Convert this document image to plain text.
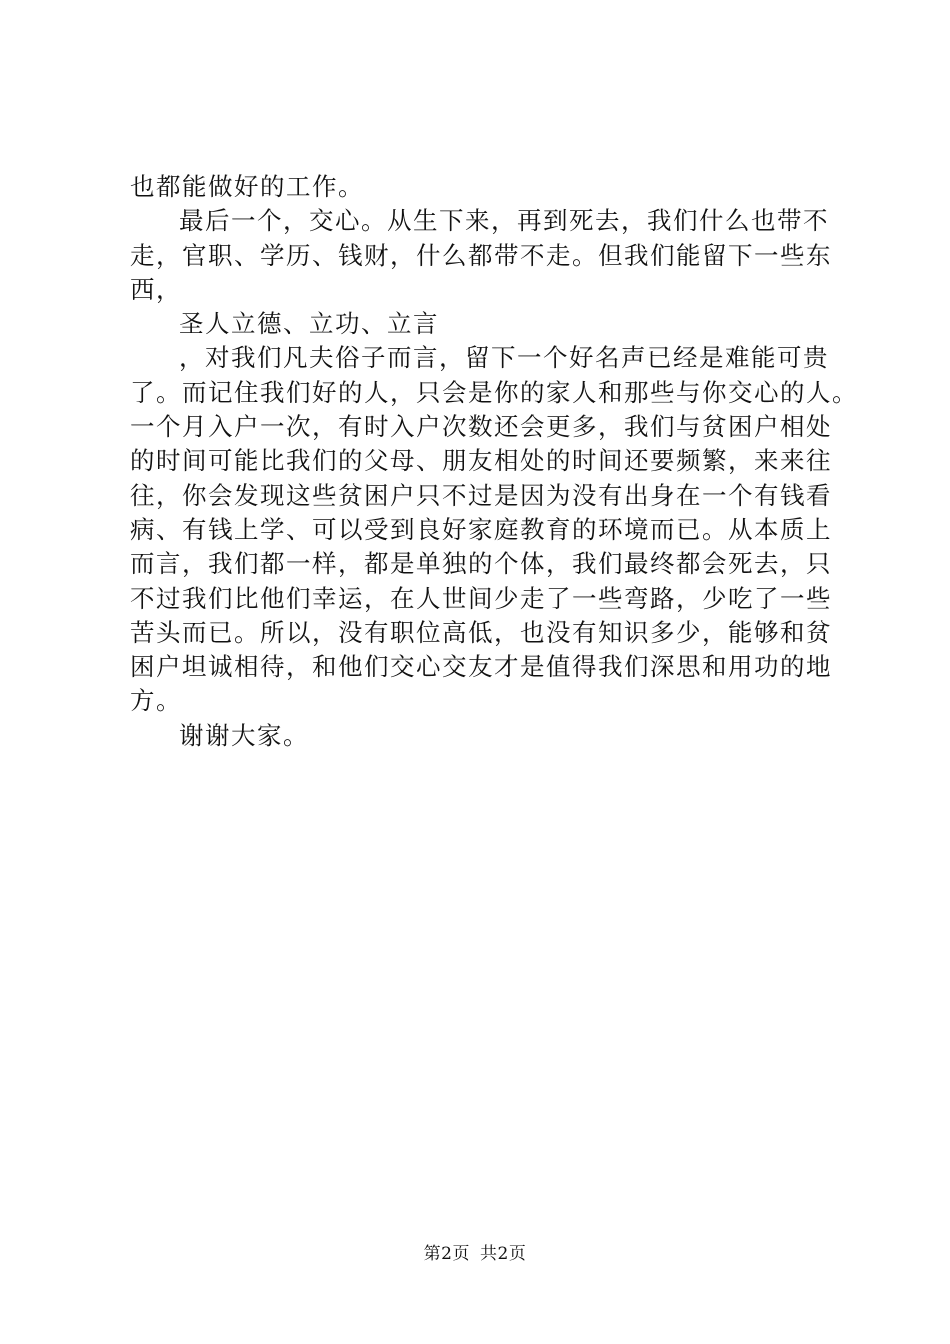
也都能做好的工作。
最后一个，交心。从生下来，再到死去，我们什么也带不
走，官职、学历、钱财，什么都带不走。但我们能留下一些东
西，
圣人立德、立功、立言
，对我们凡夫俗子而言，留下一个好名声已经是难能可贵
了。而记住我们好的人，只会是你的家人和那些与你交心的人。
一个月入户一次，有时入户次数还会更多，我们与贫困户相处
的时间可能比我们的父母、朋友相处的时间还要频繁，来来往
往，你会发现这些贫困户只不过是因为没有出身在一个有钱看
病、有钱上学、可以受到良好家庭教育的环境而已。从本质上
而言，我们都一样，都是单独的个体，我们最终都会死去，只
不过我们比他们幸运，在人世间少走了一些弯路，少吃了一些
苦头而已。所以，没有职位高低，也没有知识多少，能够和贫
困户坦诚相待，和他们交心交友才是值得我们深思和用功的地
方。
谢谢大家。
第2页 共2页
